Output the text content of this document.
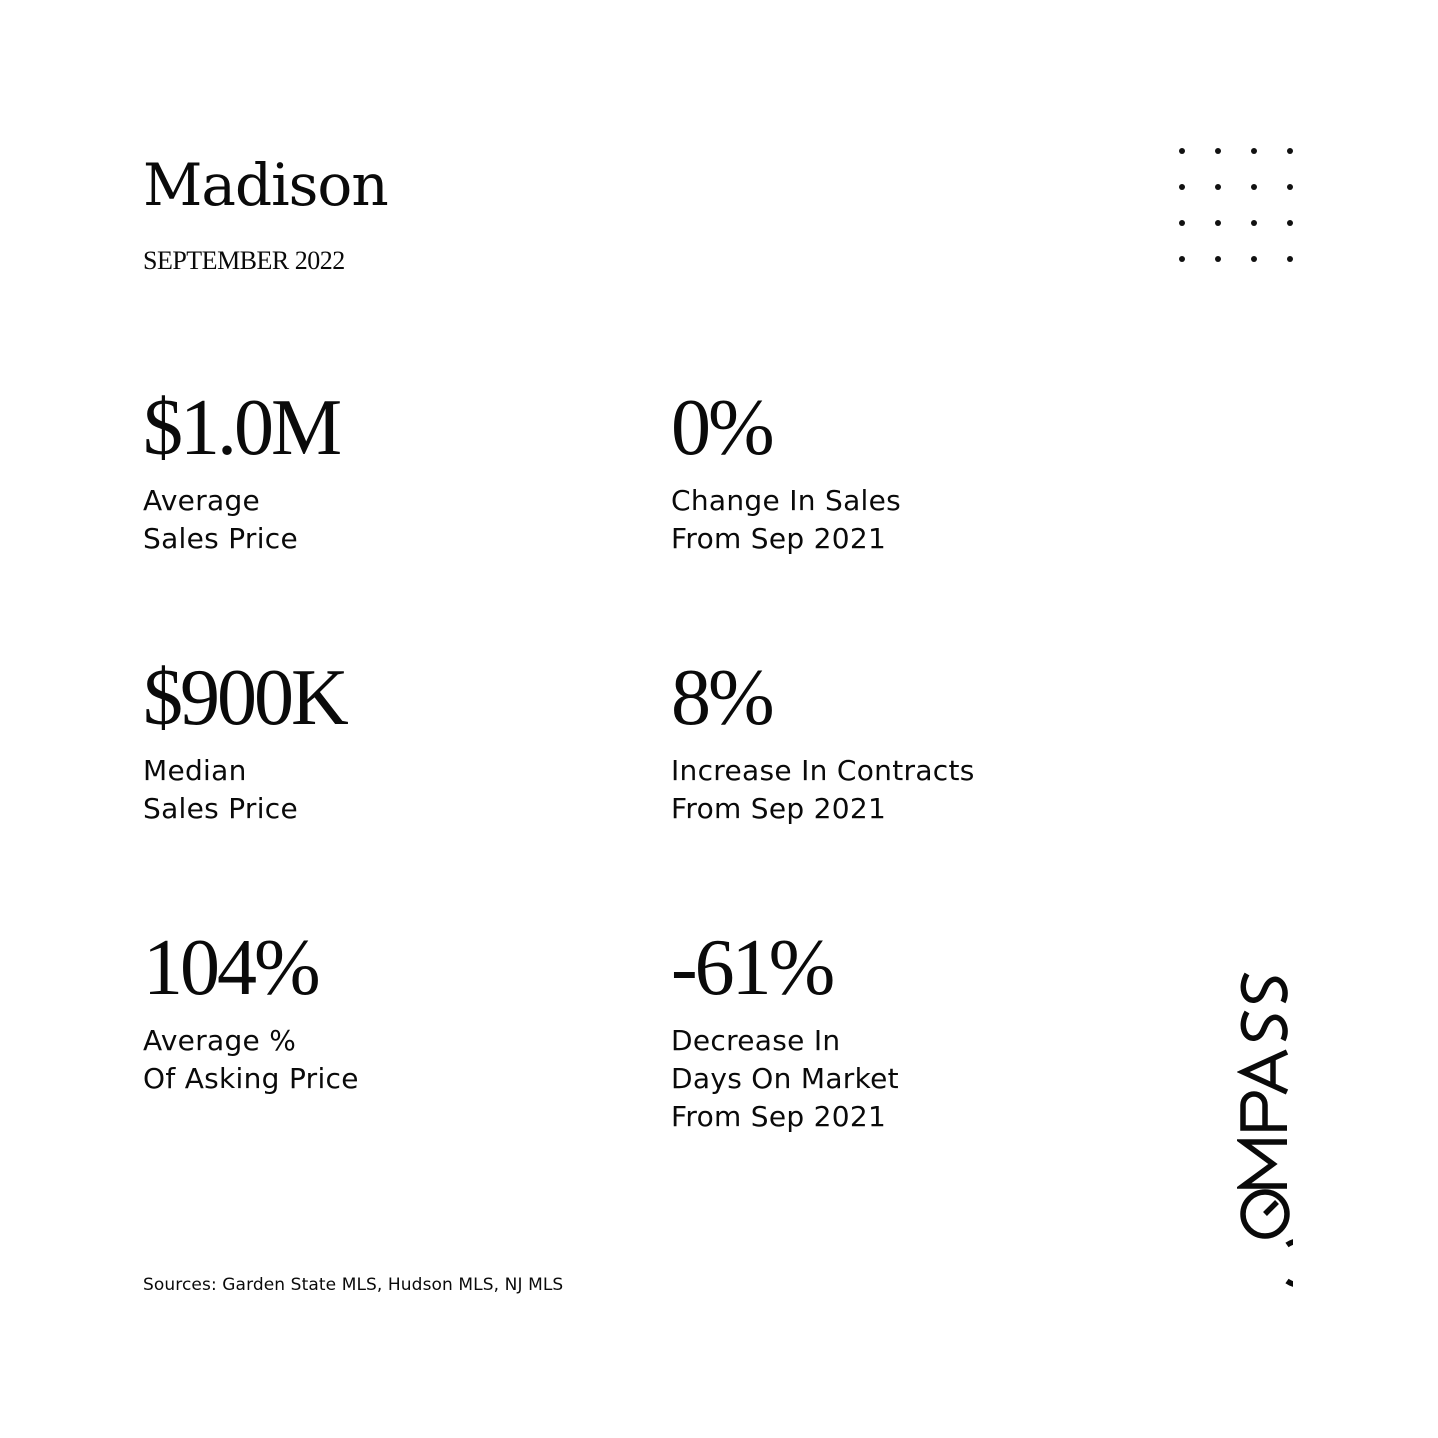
Madison
SEPTEMBER 2022
$1.0M
Average
Sales Price
0%
Change In Sales
From Sep 2021
$900K
Median
Sales Price
8%
Increase In Contracts
From Sep 2021
104%
Average %
Of Asking Price
-61%
Decrease In
Days On Market
From Sep 2021
Sources: Garden State MLS, Hudson MLS, NJ MLS
